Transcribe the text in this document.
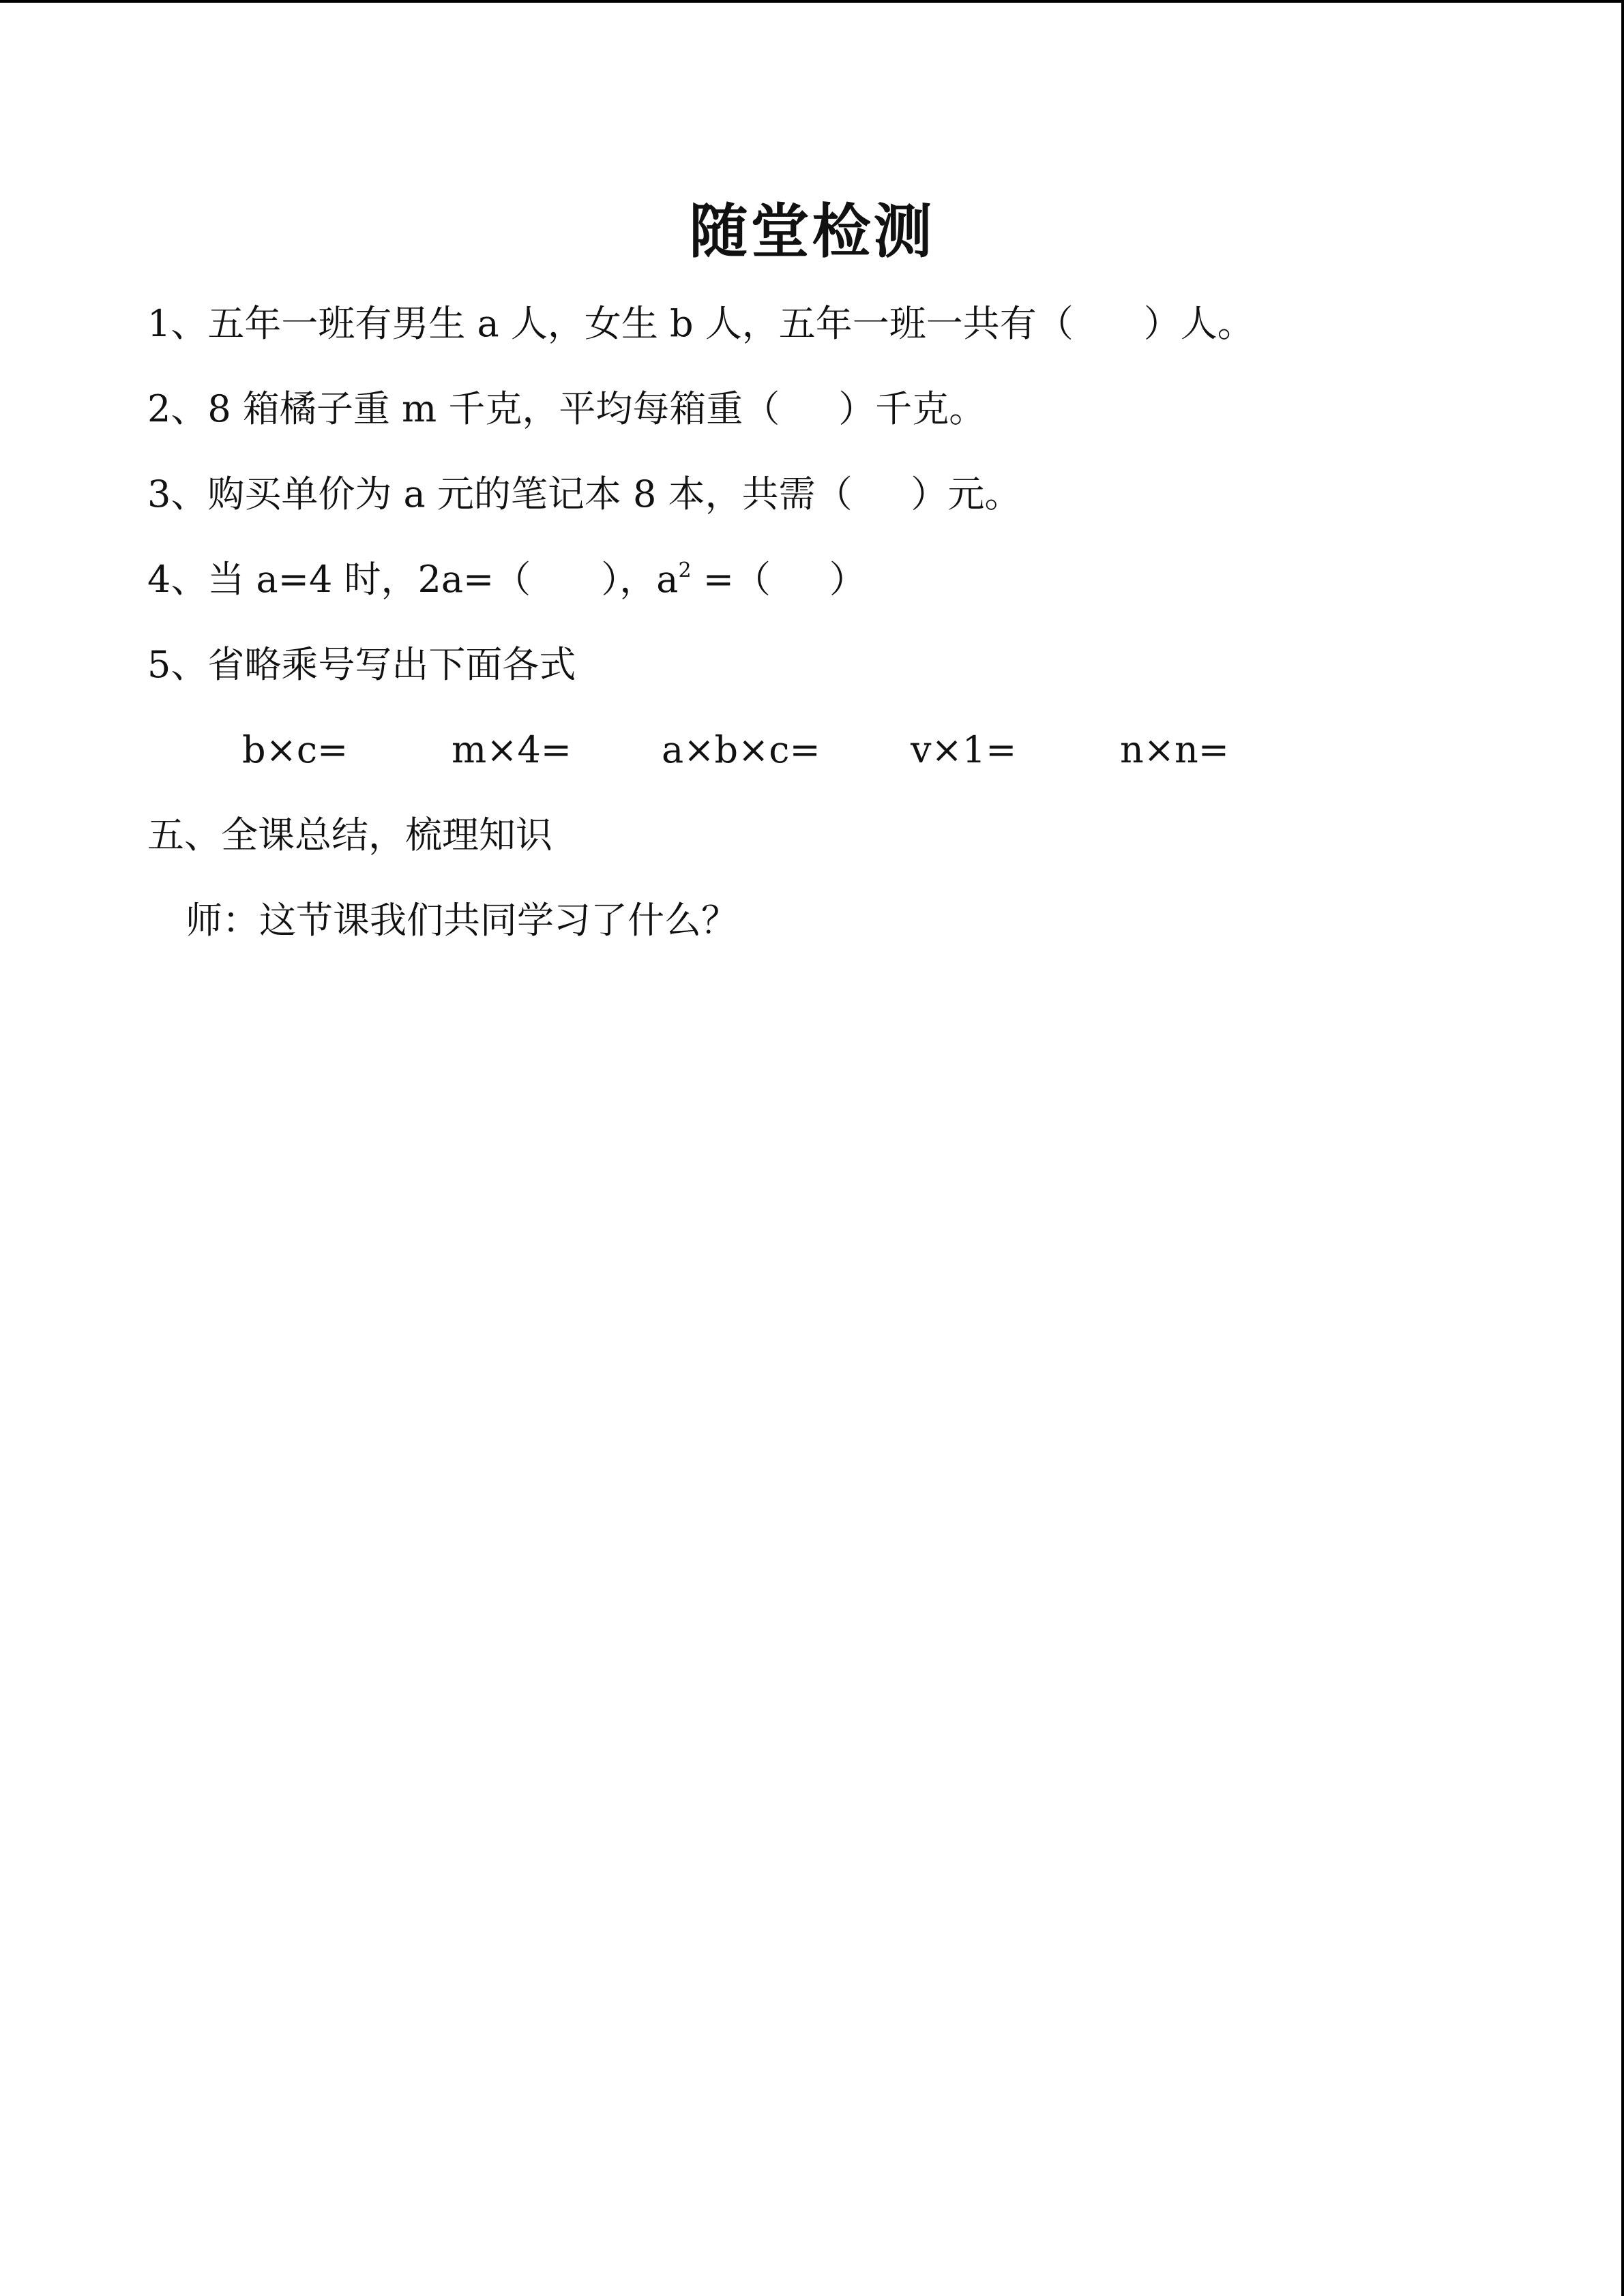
随堂检测
1、五年一班有男生 a 人，女生 b 人，五年一班一共有（      ）人。
2、8 箱橘子重 m 千克，平均每箱重（     ）千克。
3、购买单价为 a 元的笔记本 8 本，共需（     ）元。
4、当 a=4 时，2a=（      ），$a^2$ =（     ）
5、省略乘号写出下面各式
b×c=	m×4= a×b×c= v×1=	n×n=
五、全课总结，梳理知识
师：这节课我们共同学习了什么？
